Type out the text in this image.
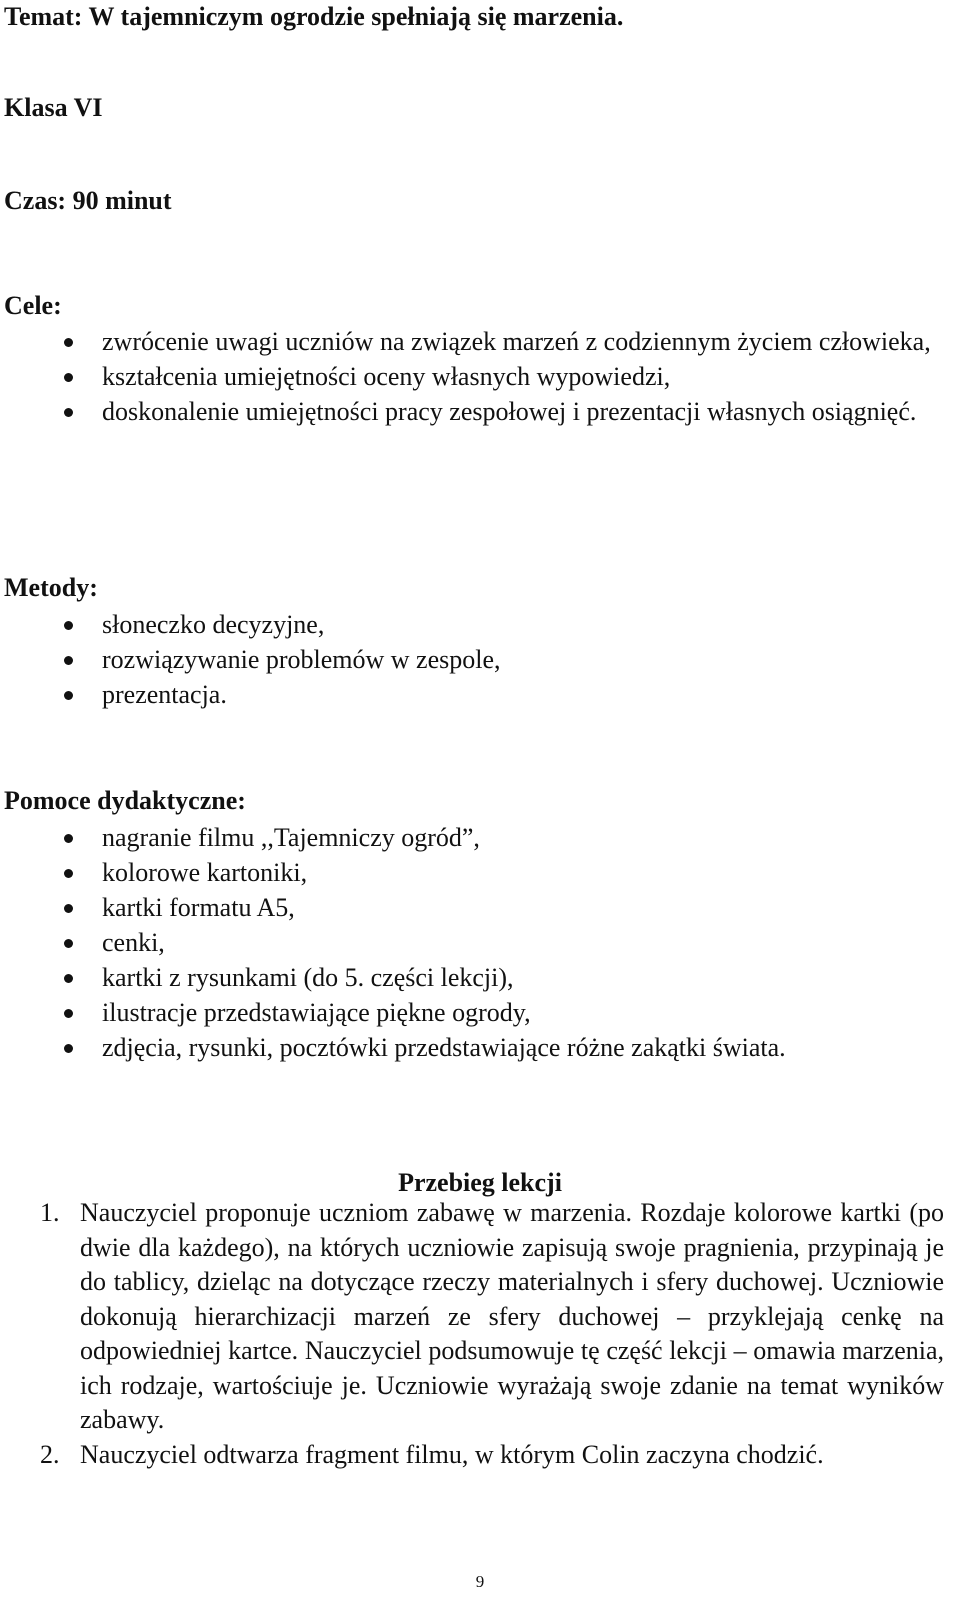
Temat: W tajemniczym ogrodzie spełniają się marzenia.
Klasa VI
Czas: 90 minut
Cele:
zwrócenie uwagi uczniów na związek marzeń z codziennym życiem człowieka,
kształcenia umiejętności oceny własnych wypowiedzi,
doskonalenie umiejętności pracy zespołowej i prezentacji własnych osiągnięć.
Metody:
słoneczko decyzyjne,
rozwiązywanie problemów w zespole,
prezentacja.
Pomoce dydaktyczne:
nagranie filmu ,,Tajemniczy ogród”,
kolorowe kartoniki,
kartki formatu A5,
cenki,
kartki z rysunkami (do 5. części lekcji),
ilustracje przedstawiające piękne ogrody,
zdjęcia, rysunki, pocztówki przedstawiające różne zakątki świata.
Przebieg lekcji
1. Nauczyciel proponuje uczniom zabawę w marzenia. Rozdaje kolorowe kartki (po dwie dla każdego), na których uczniowie zapisują swoje pragnienia, przypinają je do tablicy, dzieląc na dotyczące rzeczy materialnych i sfery duchowej. Uczniowie dokonują hierarchizacji marzeń ze sfery duchowej – przyklejają cenkę na odpowiedniej kartce. Nauczyciel podsumowuje tę część lekcji – omawia marzenia, ich rodzaje, wartościuje je. Uczniowie wyrażają swoje zdanie na temat wyników zabawy.
2. Nauczyciel odtwarza fragment filmu, w którym Colin zaczyna chodzić.
9
